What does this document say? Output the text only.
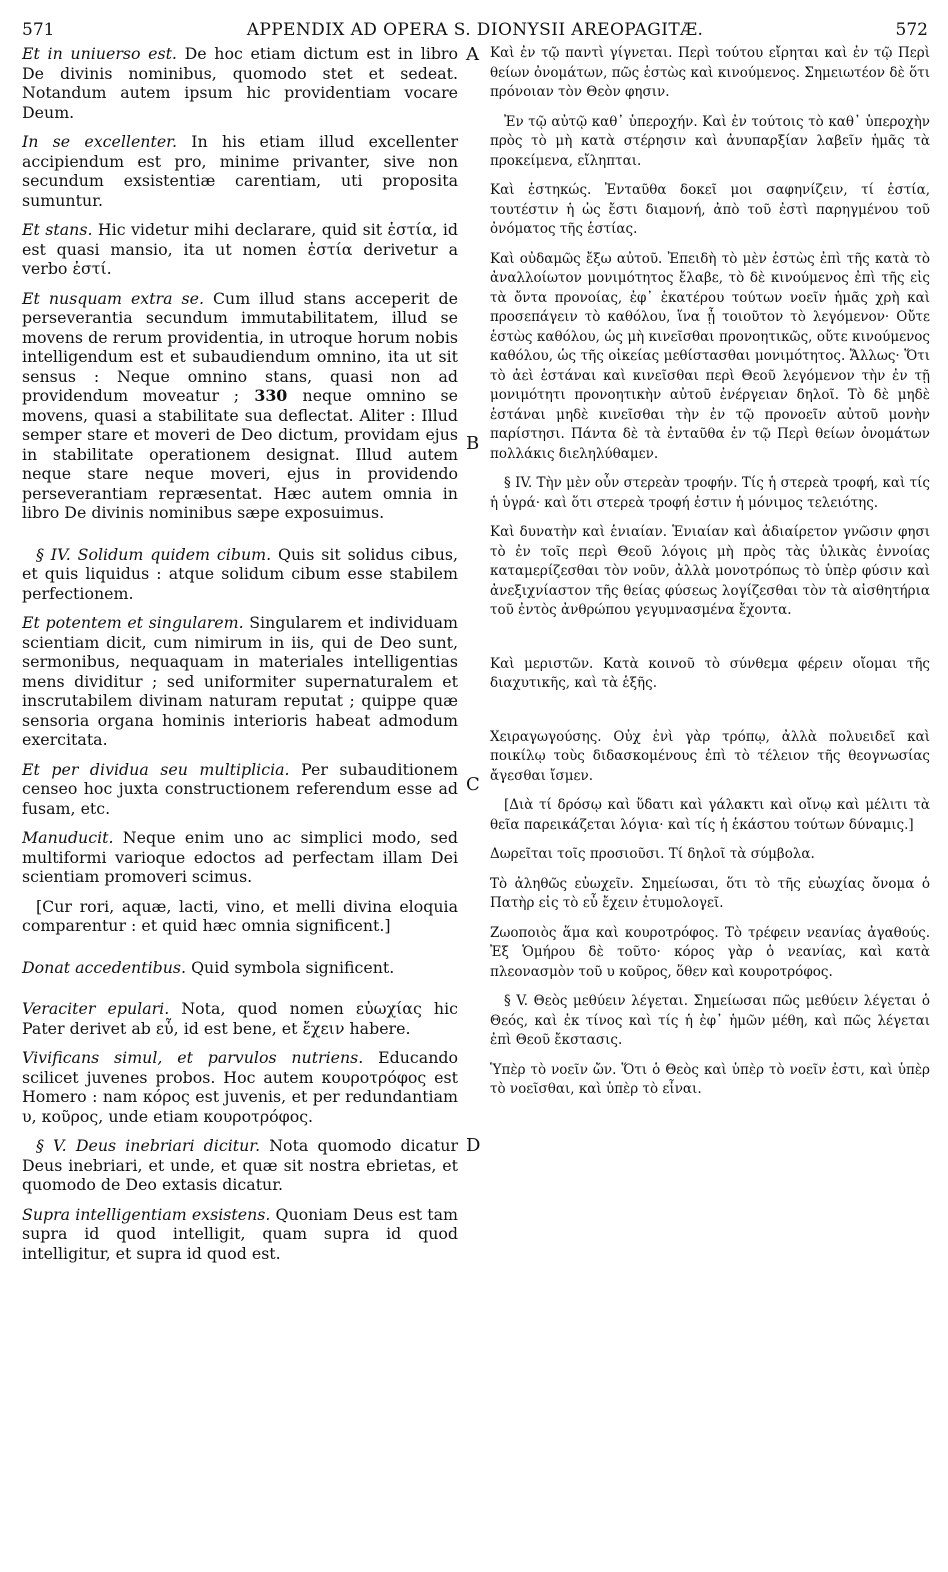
571	APPENDIX AD OPERA S. DIONYSII AREOPAGITÆ.	572
A
B
C
D

Et in uniuerso est. De hoc etiam dictum est in libro De divinis nominibus, quomodo stet et sedeat. Notandum autem ipsum hic providentiam vocare Deum.

In se excellenter. In his etiam illud excellenter accipiendum est pro, minime privanter, sive non secundum exsistentiæ carentiam, uti proposita sumuntur.

Et stans. Hic videtur mihi declarare, quid sit ἑστία, id est quasi mansio, ita ut nomen ἑστία derivetur a verbo ἐστί.

Et nusquam extra se. Cum illud stans acceperit de perseverantia secundum immutabilitatem, illud se movens de rerum providentia, in utroque horum nobis intelligendum est et subaudiendum omnino, ita ut sit sensus : Neque omnino stans, quasi non ad providendum moveatur ; 330 neque omnino se movens, quasi a stabilitate sua deflectat. Aliter : Illud semper stare et moveri de Deo dictum, providam ejus in stabilitate operationem designat. Illud autem neque stare neque moveri, ejus in providendo perseverantiam repræsentat. Hæc autem omnia in libro De divinis nominibus sæpe exposuimus.

§ IV. Solidum quidem cibum. Quis sit solidus cibus, et quis liquidus : atque solidum cibum esse stabilem perfectionem.

Et potentem et singularem. Singularem et individuam scientiam dicit, cum nimirum in iis, qui de Deo sunt, sermonibus, nequaquam in materiales intelligentias mens dividitur ; sed uniformiter supernaturalem et inscrutabilem divinam naturam reputat ; quippe quæ sensoria organa hominis interioris habeat admodum exercitata.

Et per dividua seu multiplicia. Per subauditionem censeo hoc juxta constructionem referendum esse ad fusam, etc.

Manuducit. Neque enim uno ac simplici modo, sed multiformi varioque edoctos ad perfectam illam Dei scientiam promoveri scimus.

[Cur rori, aquæ, lacti, vino, et melli divina eloquia comparentur : et quid hæc omnia significent.]

Donat accedentibus. Quid symbola significent.

Veraciter epulari. Nota, quod nomen εὐωχίας hic Pater derivet ab εὖ, id est bene, et ἔχειν habere.

Vivificans simul, et parvulos nutriens. Educando scilicet juvenes probos. Hoc autem κουροτρόφος est Homero : nam κόρος est juvenis, et per redundantiam υ, κοῦρος, unde etiam κουροτρόφος.

§ V. Deus inebriari dicitur. Nota quomodo dicatur Deus inebriari, et unde, et quæ sit nostra ebrietas, et quomodo de Deo extasis dicatur.

Supra intelligentiam exsistens. Quoniam Deus est tam supra id quod intelligit, quam supra id quod intelligitur, et supra id quod est.

Καὶ ἐν τῷ παντὶ γίγνεται. Περὶ τούτου εἴρηται καὶ ἐν τῷ Περὶ θείων ὀνομάτων, πῶς ἑστὼς καὶ κινούμενος. Σημειωτέον δὲ ὅτι πρόνοιαν τὸν Θεὸν φησιν.

Ἐν τῷ αὐτῷ καθ᾽ ὑπεροχήν. Καὶ ἐν τούτοις τὸ καθ᾽ ὑπεροχὴν πρὸς τὸ μὴ κατὰ στέρησιν καὶ ἀνυπαρξίαν λαβεῖν ἡμᾶς τὰ προκείμενα, εἴληπται.

Καὶ ἑστηκώς. Ἐνταῦθα δοκεῖ μοι σαφηνίζειν, τί ἑστία, τουτέστιν ἡ ὡς ἔστι διαμονή, ἀπὸ τοῦ ἐστὶ παρηγμένου τοῦ ὀνόματος τῆς ἑστίας.

Καὶ οὐδαμῶς ἔξω αὐτοῦ. Ἐπειδὴ τὸ μὲν ἑστὼς ἐπὶ τῆς κατὰ τὸ ἀναλλοίωτον μονιμότητος ἔλαβε, τὸ δὲ κινούμενος ἐπὶ τῆς εἰς τὰ ὄντα προνοίας, ἐφ᾽ ἑκατέρου τούτων νοεῖν ἡμᾶς χρὴ καὶ προσεπάγειν τὸ καθόλου, ἵνα ᾖ τοιοῦτον τὸ λεγόμενον· Οὔτε ἑστὼς καθόλου, ὡς μὴ κινεῖσθαι προνοητικῶς, οὔτε κινούμενος καθόλου, ὡς τῆς οἰκείας μεθίστασθαι μονιμότητος. Ἄλλως· Ὅτι τὸ ἀεὶ ἑστάναι καὶ κινεῖσθαι περὶ Θεοῦ λεγόμενον τὴν ἐν τῇ μονιμότητι προνοητικὴν αὐτοῦ ἐνέργειαν δηλοῖ. Τὸ δὲ μηδὲ ἑστάναι μηδὲ κινεῖσθαι τὴν ἐν τῷ προνοεῖν αὐτοῦ μονὴν παρίστησι. Πάντα δὲ τὰ ἐνταῦθα ἐν τῷ Περὶ θείων ὀνομάτων πολλάκις διεληλύθαμεν.

§ IV. Τὴν μὲν οὖν στερεὰν τροφήν. Τίς ἡ στερεὰ τροφή, καὶ τίς ἡ ὑγρά· καὶ ὅτι στερεὰ τροφή ἐστιν ἡ μόνιμος τελειότης.

Καὶ δυνατὴν καὶ ἑνιαίαν. Ἑνιαίαν καὶ ἀδιαίρετον γνῶσιν φησι τὸ ἐν τοῖς περὶ Θεοῦ λόγοις μὴ πρὸς τὰς ὑλικὰς ἐννοίας καταμερίζεσθαι τὸν νοῦν, ἀλλὰ μονοτρόπως τὸ ὑπὲρ φύσιν καὶ ἀνεξιχνίαστον τῆς θείας φύσεως λογίζεσθαι τὸν τὰ αἰσθητήρια τοῦ ἐντὸς ἀνθρώπου γεγυμνασμένα ἔχοντα.

Καὶ μεριστῶν. Κατὰ κοινοῦ τὸ σύνθεμα φέρειν οἴομαι τῆς διαχυτικῆς, καὶ τὰ ἑξῆς.

Χειραγωγούσης. Οὐχ ἑνὶ γὰρ τρόπῳ, ἀλλὰ πολυειδεῖ καὶ ποικίλῳ τοὺς διδασκομένους ἐπὶ τὸ τέλειον τῆς θεογνωσίας ἄγεσθαι ἴσμεν.

[Διὰ τί δρόσῳ καὶ ὕδατι καὶ γάλακτι καὶ οἴνῳ καὶ μέλιτι τὰ θεῖα παρεικάζεται λόγια· καὶ τίς ἡ ἑκάστου τούτων δύναμις.]

Δωρεῖται τοῖς προσιοῦσι. Τί δηλοῖ τὰ σύμβολα.

Τὸ ἀληθῶς εὐωχεῖν. Σημείωσαι, ὅτι τὸ τῆς εὐωχίας ὄνομα ὁ Πατὴρ εἰς τὸ εὖ ἔχειν ἐτυμολογεῖ.

Ζωοποιὸς ἅμα καὶ κουροτρόφος. Τὸ τρέφειν νεανίας ἀγαθούς. Ἐξ Ὁμήρου δὲ τοῦτο· κόρος γὰρ ὁ νεανίας, καὶ κατὰ πλεονασμὸν τοῦ υ κοῦρος, ὅθεν καὶ κουροτρόφος.

§ V. Θεὸς μεθύειν λέγεται. Σημείωσαι πῶς μεθύειν λέγεται ὁ Θεός, καὶ ἐκ τίνος καὶ τίς ἡ ἐφ᾽ ἡμῶν μέθη, καὶ πῶς λέγεται ἐπὶ Θεοῦ ἔκστασις.

Ὑπὲρ τὸ νοεῖν ὤν. Ὅτι ὁ Θεὸς καὶ ὑπὲρ τὸ νοεῖν ἐστι, καὶ ὑπὲρ τὸ νοεῖσθαι, καὶ ὑπὲρ τὸ εἶναι.
